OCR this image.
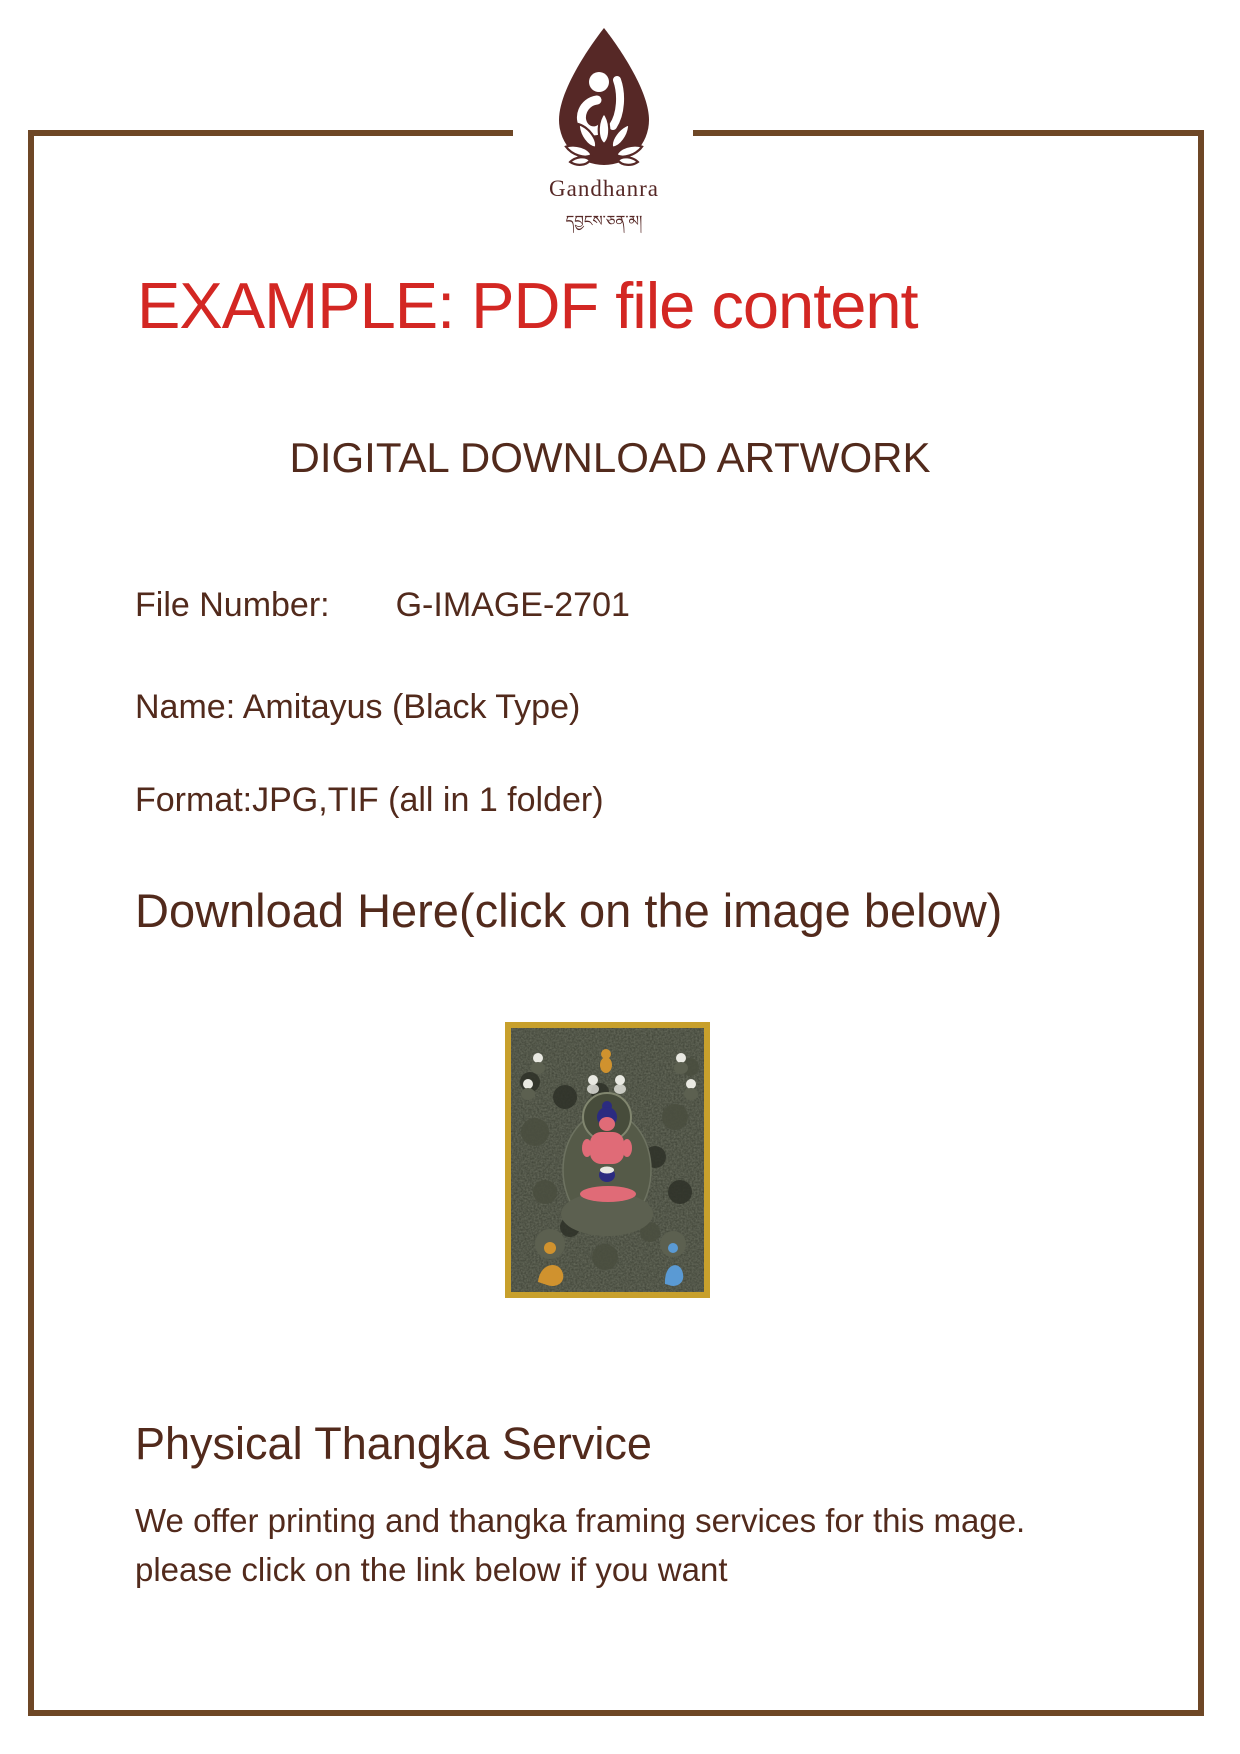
Gandhanra
དབྱངས་ཅན་མ།
EXAMPLE: PDF file content
DIGITAL DOWNLOAD ARTWORK
File Number: G-IMAGE-2701
Name: Amitayus (Black Type)
Format:JPG,TIF (all in 1 folder)
Download Here(click on the image below)
Physical Thangka Service
We offer printing and thangka framing services for this mage.
please click on the link below if you want
